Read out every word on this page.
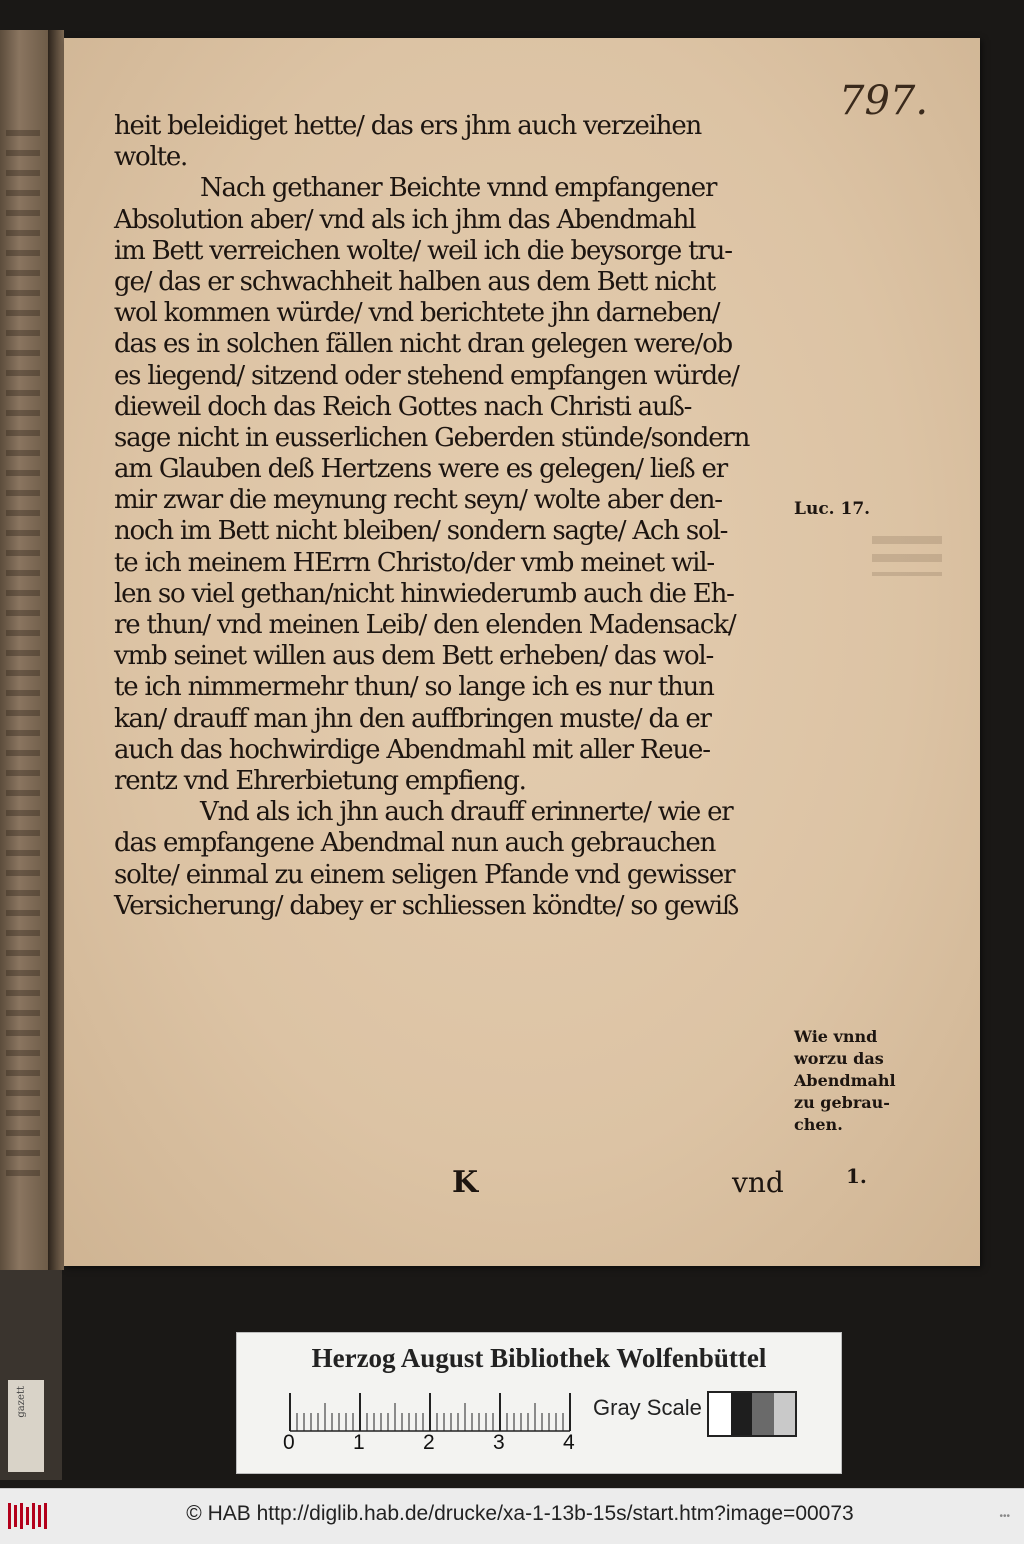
gazett
797.
heit beleidiget hette/ das ers jhm auch verzeihen
wolte.
Nach gethaner Beichte vnnd empfangener
Absolution aber/ vnd als ich jhm das Abendmahl
im Bett verreichen wolte/ weil ich die beysorge tru-
ge/ das er schwachheit halben aus dem Bett nicht
wol kommen würde/ vnd berichtete jhn darneben/
das es in solchen fällen nicht dran gelegen were/ob
es liegend/ sitzend oder stehend empfangen würde/
dieweil doch das Reich Gottes nach Christi auß-
sage nicht in eusserlichen Geberden stünde/sondern
am Glauben deß Hertzens were es gelegen/ ließ er
mir zwar die meynung recht seyn/ wolte aber den-
noch im Bett nicht bleiben/ sondern sagte/ Ach sol-
te ich meinem HErrn Christo/der vmb meinet wil-
len so viel gethan/nicht hinwiederumb auch die Eh-
re thun/ vnd meinen Leib/ den elenden Madensack/
vmb seinet willen aus dem Bett erheben/ das wol-
te ich nimmermehr thun/ so lange ich es nur thun
kan/ drauff man jhn den auffbringen muste/ da er
auch das hochwirdige Abendmahl mit aller Reue-
rentz vnd Ehrerbietung empfieng.
Vnd als ich jhn auch drauff erinnerte/ wie er
das empfangene Abendmal nun auch gebrauchen
solte/ einmal zu einem seligen Pfande vnd gewisser
Versicherung/ dabey er schliessen köndte/ so gewiß
Luc. 17.
Wie vnnd
worzu das
Abendmahl
zu gebrau-
chen.
K	vnd	1.
Herzog August Bibliothek Wolfenbüttel
0	1	2	3	4
Gray Scale
© HAB http://diglib.hab.de/drucke/xa-1-13b-15s/start.htm?image=00073	•••
